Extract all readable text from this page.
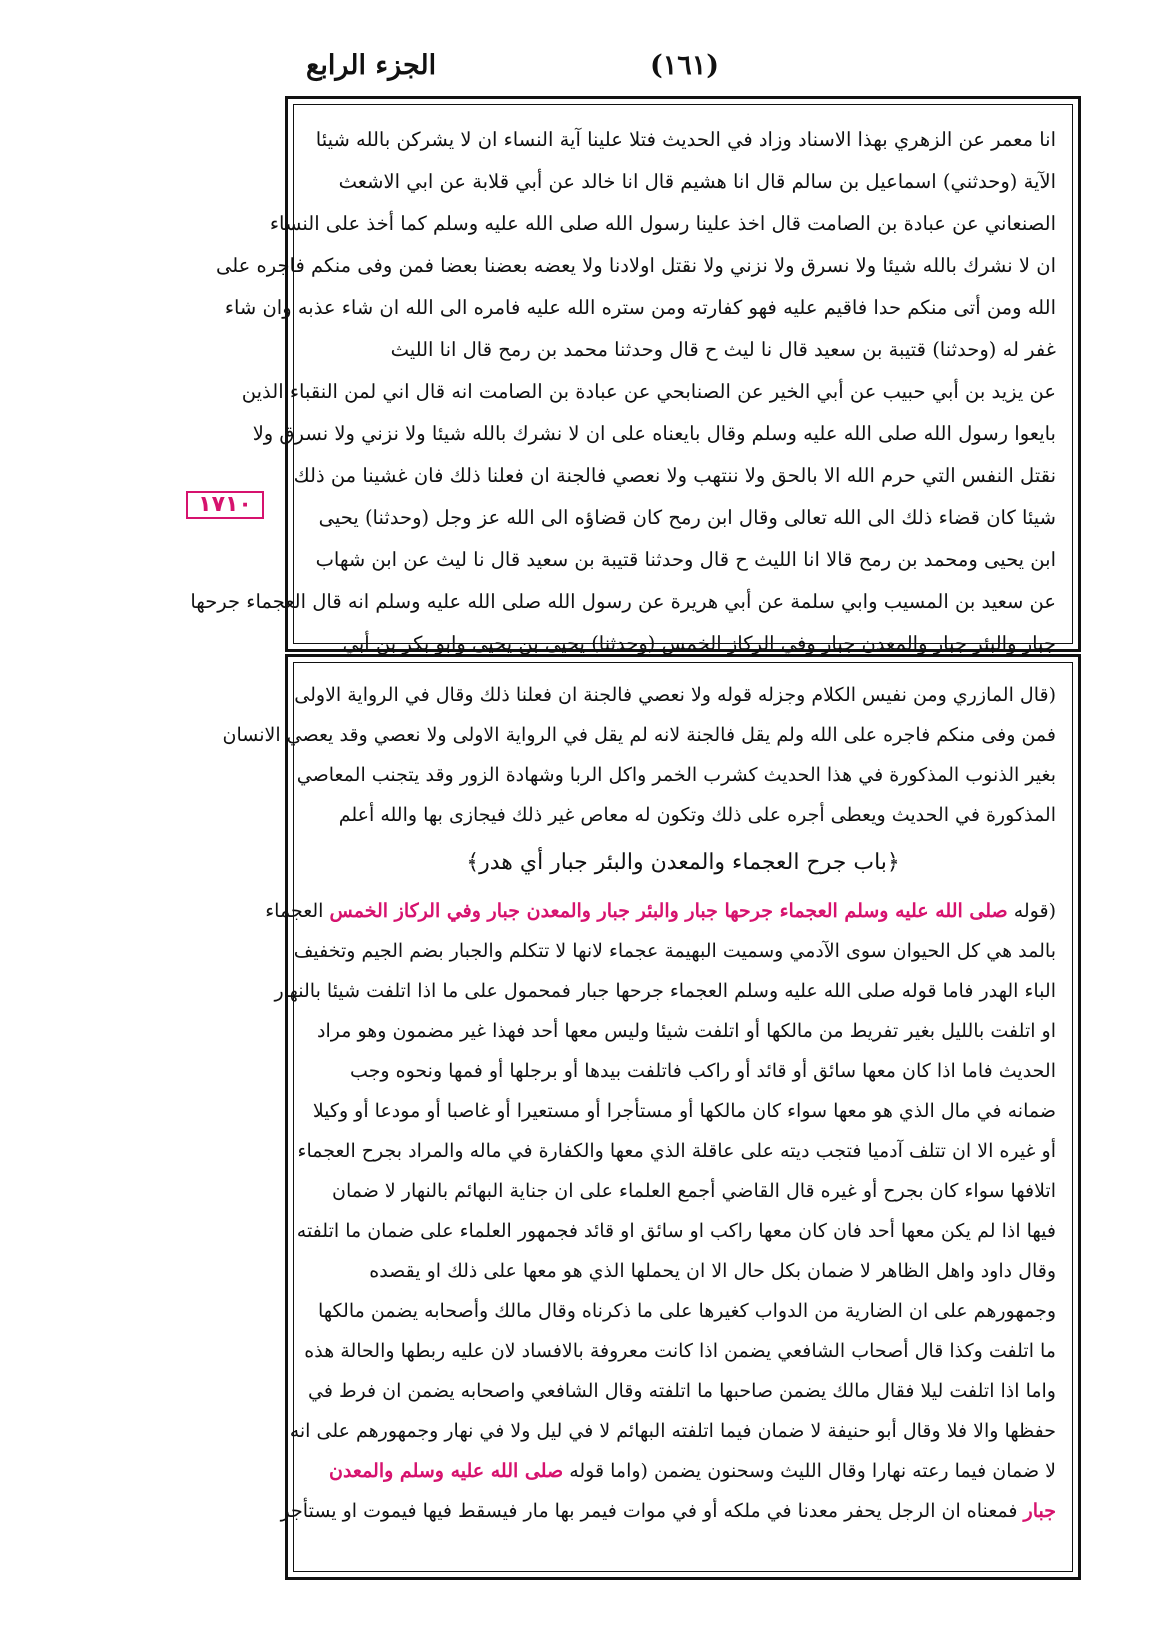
الجزء الرابع	(١٦١)
١٧١٠

انا معمر عن الزهري بهذا الاسناد وزاد في الحديث فتلا علينا آية النساء ان لا يشركن بالله شيئا

الآية (وحدثني) اسماعيل بن سالم قال انا هشيم قال انا خالد عن أبي قلابة عن ابي الاشعث

الصنعاني عن عبادة بن الصامت قال اخذ علينا رسول الله صلى الله عليه وسلم كما أخذ على النساء

ان لا نشرك بالله شيئا ولا نسرق ولا نزني ولا نقتل اولادنا ولا يعضه بعضنا بعضا فمن وفى منكم فاجره على

الله ومن أتى منكم حدا فاقيم عليه فهو كفارته ومن ستره الله عليه فامره الى الله ان شاء عذبه وان شاء

غفر له (وحدثنا) قتيبة بن سعيد قال نا ليث ح قال وحدثنا محمد بن رمح قال انا الليث

عن يزيد بن أبي حبيب عن أبي الخير عن الصنابحي عن عبادة بن الصامت انه قال اني لمن النقباء الذين

بايعوا رسول الله صلى الله عليه وسلم وقال بايعناه على ان لا نشرك بالله شيئا ولا نزني ولا نسرق ولا

نقتل النفس التي حرم الله الا بالحق ولا ننتهب ولا نعصي فالجنة ان فعلنا ذلك فان غشينا من ذلك

شيئا كان قضاء ذلك الى الله تعالى وقال ابن رمح كان قضاؤه الى الله عز وجل (وحدثنا) يحيى

ابن يحيى ومحمد بن رمح قالا انا الليث ح قال وحدثنا قتيبة بن سعيد قال نا ليث عن ابن شهاب

عن سعيد بن المسيب وابي سلمة عن أبي هريرة عن رسول الله صلى الله عليه وسلم انه قال العجماء جرحها

جبار والبئر جبار والمعدن جبار وفي الركاز الخمس (وحدثنا) يحيى بن يحيى وابو بكر بن أبي

(قال المازري ومن نفيس الكلام وجزله قوله ولا نعصي فالجنة ان فعلنا ذلك وقال في الرواية الاولى

فمن وفى منكم فاجره على الله ولم يقل فالجنة لانه لم يقل في الرواية الاولى ولا نعصي وقد يعصي الانسان

بغير الذنوب المذكورة في هذا الحديث كشرب الخمر واكل الربا وشهادة الزور وقد يتجنب المعاصي

المذكورة في الحديث ويعطى أجره على ذلك وتكون له معاص غير ذلك فيجازى بها والله أعلم

﴿باب جرح العجماء والمعدن والبئر جبار أي هدر﴾

(قوله صلى الله عليه وسلم العجماء جرحها جبار والبئر جبار والمعدن جبار وفي الركاز الخمس العجماء

بالمد هي كل الحيوان سوى الآدمي وسميت البهيمة عجماء لانها لا تتكلم والجبار بضم الجيم وتخفيف

الباء الهدر فاما قوله صلى الله عليه وسلم العجماء جرحها جبار فمحمول على ما اذا اتلفت شيئا بالنهار

او اتلفت بالليل بغير تفريط من مالكها أو اتلفت شيئا وليس معها أحد فهذا غير مضمون وهو مراد

الحديث فاما اذا كان معها سائق أو قائد أو راكب فاتلفت بيدها أو برجلها أو فمها ونحوه وجب

ضمانه في مال الذي هو معها سواء كان مالكها أو مستأجرا أو مستعيرا أو غاصبا أو مودعا أو وكيلا

أو غيره الا ان تتلف آدميا فتجب ديته على عاقلة الذي معها والكفارة في ماله والمراد بجرح العجماء

اتلافها سواء كان بجرح أو غيره قال القاضي أجمع العلماء على ان جناية البهائم بالنهار لا ضمان

فيها اذا لم يكن معها أحد فان كان معها راكب او سائق او قائد فجمهور العلماء على ضمان ما اتلفته

وقال داود واهل الظاهر لا ضمان بكل حال الا ان يحملها الذي هو معها على ذلك او يقصده

وجمهورهم على ان الضارية من الدواب كغيرها على ما ذكرناه وقال مالك وأصحابه يضمن مالكها

ما اتلفت وكذا قال أصحاب الشافعي يضمن اذا كانت معروفة بالافساد لان عليه ربطها والحالة هذه

واما اذا اتلفت ليلا فقال مالك يضمن صاحبها ما اتلفته وقال الشافعي واصحابه يضمن ان فرط في

حفظها والا فلا وقال أبو حنيفة لا ضمان فيما اتلفته البهائم لا في ليل ولا في نهار وجمهورهم على انه

لا ضمان فيما رعته نهارا وقال الليث وسحنون يضمن (واما قوله صلى الله عليه وسلم والمعدن

جبار فمعناه ان الرجل يحفر معدنا في ملكه أو في موات فيمر بها مار فيسقط فيها فيموت او يستأجر
